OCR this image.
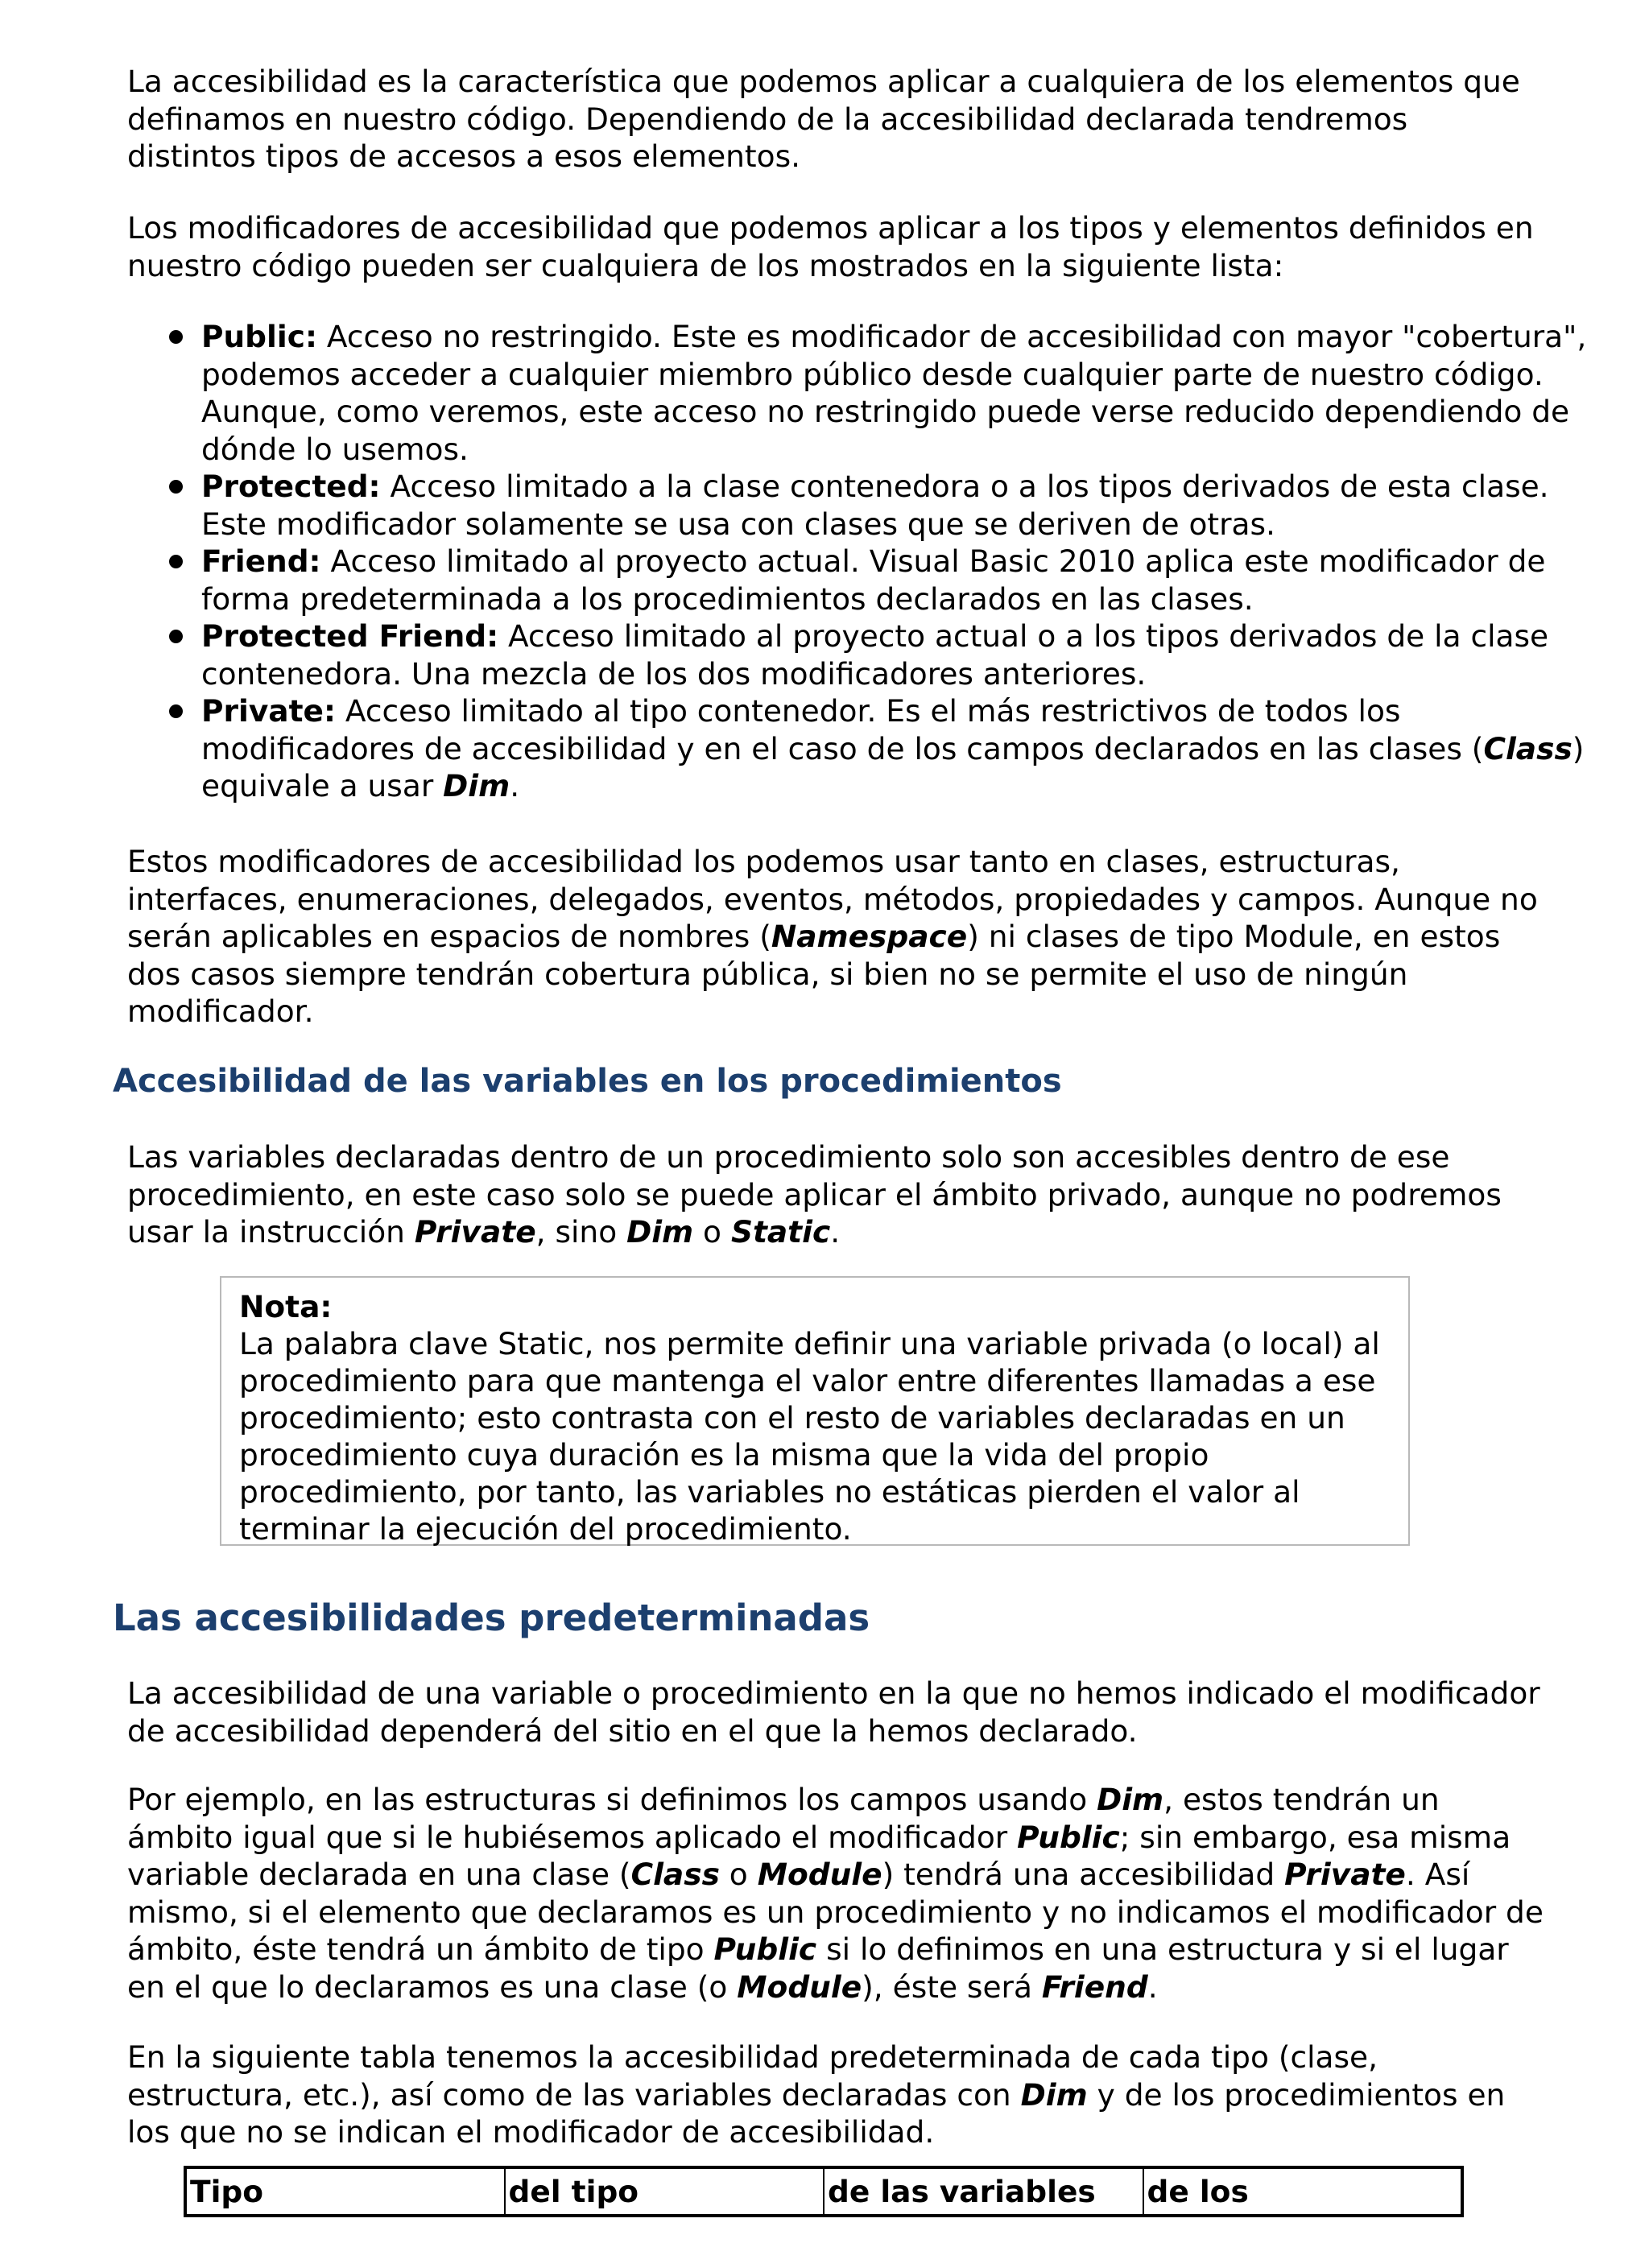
La accesibilidad es la característica que podemos aplicar a cualquiera de los elementos que definamos en nuestro código. Dependiendo de la accesibilidad declarada tendremos distintos tipos de accesos a esos elementos.

Los modificadores de accesibilidad que podemos aplicar a los tipos y elementos definidos en nuestro código pueden ser cualquiera de los mostrados en la siguiente lista:

Public: Acceso no restringido. Este es modificador de accesibilidad con mayor "cobertura", podemos acceder a cualquier miembro público desde cualquier parte de nuestro código. Aunque, como veremos, este acceso no restringido puede verse reducido dependiendo de dónde lo usemos.
Protected: Acceso limitado a la clase contenedora o a los tipos derivados de esta clase. Este modificador solamente se usa con clases que se deriven de otras.
Friend: Acceso limitado al proyecto actual. Visual Basic 2010 aplica este modificador de forma predeterminada a los procedimientos declarados en las clases.
Protected Friend: Acceso limitado al proyecto actual o a los tipos derivados de la clase contenedora. Una mezcla de los dos modificadores anteriores.
Private: Acceso limitado al tipo contenedor. Es el más restrictivos de todos los modificadores de accesibilidad y en el caso de los campos declarados en las clases (Class) equivale a usar Dim.

Estos modificadores de accesibilidad los podemos usar tanto en clases, estructuras, interfaces, enumeraciones, delegados, eventos, métodos, propiedades y campos. Aunque no serán aplicables en espacios de nombres (Namespace) ni clases de tipo Module, en estos dos casos siempre tendrán cobertura pública, si bien no se permite el uso de ningún modificador.

Accesibilidad de las variables en los procedimientos

Las variables declaradas dentro de un procedimiento solo son accesibles dentro de ese procedimiento, en este caso solo se puede aplicar el ámbito privado, aunque no podremos usar la instrucción Private, sino Dim o Static.

Nota:
La palabra clave Static, nos permite definir una variable privada (o local) al procedimiento para que mantenga el valor entre diferentes llamadas a ese procedimiento; esto contrasta con el resto de variables declaradas en un procedimiento cuya duración es la misma que la vida del propio procedimiento, por tanto, las variables no estáticas pierden el valor al terminar la ejecución del procedimiento.
Las accesibilidades predeterminadas

La accesibilidad de una variable o procedimiento en la que no hemos indicado el modificador de accesibilidad dependerá del sitio en el que la hemos declarado.

Por ejemplo, en las estructuras si definimos los campos usando Dim, estos tendrán un ámbito igual que si le hubiésemos aplicado el modificador Public; sin embargo, esa misma variable declarada en una clase (Class o Module) tendrá una accesibilidad Private. Así mismo, si el elemento que declaramos es un procedimiento y no indicamos el modificador de ámbito, éste tendrá un ámbito de tipo Public si lo definimos en una estructura y si el lugar en el que lo declaramos es una clase (o Module), éste será Friend.

En la siguiente tabla tenemos la accesibilidad predeterminada de cada tipo (clase, estructura, etc.), así como de las variables declaradas con Dim y de los procedimientos en los que no se indican el modificador de accesibilidad.

Tipo	del tipo	de las variables	de los
